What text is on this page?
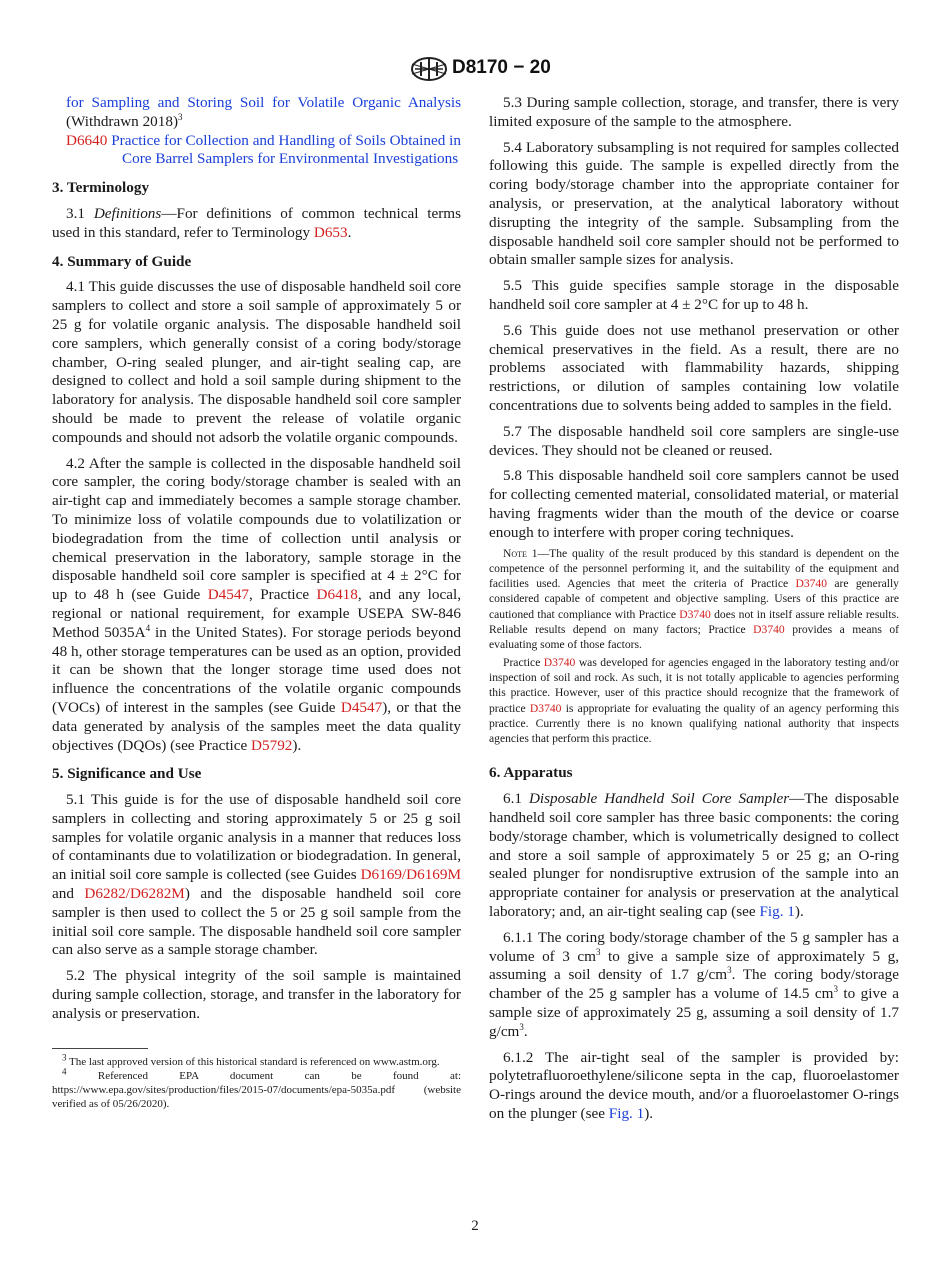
D8170 − 20

for Sampling and Storing Soil for Volatile Organic Analysis (Withdrawn 2018)$^3$

D6640 Practice for Collection and Handling of Soils Obtained in Core Barrel Samplers for Environmental Investigations

3. Terminology

3.1 Definitions—For definitions of common technical terms used in this standard, refer to Terminology D653.

4. Summary of Guide

4.1 This guide discusses the use of disposable handheld soil core samplers to collect and store a soil sample of approximately 5 or 25 g for volatile organic analysis. The disposable handheld soil core samplers, which generally consist of a coring body/storage chamber, O-ring sealed plunger, and air-tight sealing cap, are designed to collect and hold a soil sample during shipment to the laboratory for analysis. The disposable handheld soil core sampler should be made to prevent the release of volatile organic compounds and should not adsorb the volatile organic compounds.

4.2 After the sample is collected in the disposable handheld soil core sampler, the coring body/storage chamber is sealed with an air-tight cap and immediately becomes a sample storage chamber. To minimize loss of volatile compounds due to volatilization or biodegradation from the time of collection until analysis or chemical preservation in the laboratory, sample storage in the disposable handheld soil core sampler is specified at 4 ± 2°C for up to 48 h (see Guide D4547, Practice D6418, and any local, regional or national requirement, for example USEPA SW-846 Method $5035A^4$ in the United States). For storage periods beyond 48 h, other storage temperatures can be used as an option, provided it can be shown that the longer storage time used does not influence the concentrations of the volatile organic compounds (VOCs) of interest in the samples (see Guide D4547), or that the data generated by analysis of the samples meet the data quality objectives (DQOs) (see Practice D5792).

5. Significance and Use

5.1 This guide is for the use of disposable handheld soil core samplers in collecting and storing approximately 5 or 25 g soil samples for volatile organic analysis in a manner that reduces loss of contaminants due to volatilization or biodegradation. In general, an initial soil core sample is collected (see Guides D6169/D6169M and D6282/D6282M) and the disposable handheld soil core sampler is then used to collect the 5 or 25 g soil sample from the initial soil core sample. The disposable handheld soil core sampler can also serve as a sample storage chamber.

5.2 The physical integrity of the soil sample is maintained during sample collection, storage, and transfer in the laboratory for analysis or preservation.

$^3$ The last approved version of this historical standard is referenced on www.astm.org.

$^4$ Referenced EPA document can be found at: https://www.epa.gov/sites/production/files/2015-07/documents/epa-5035a.pdf (website verified as of 05/26/2020).

5.3 During sample collection, storage, and transfer, there is very limited exposure of the sample to the atmosphere.

5.4 Laboratory subsampling is not required for samples collected following this guide. The sample is expelled directly from the coring body/storage chamber into the appropriate container for analysis, or preservation, at the analytical laboratory without disrupting the integrity of the sample. Subsampling from the disposable handheld soil core sampler should not be performed to obtain smaller sample sizes for analysis.

5.5 This guide specifies sample storage in the disposable handheld soil core sampler at 4 ± 2°C for up to 48 h.

5.6 This guide does not use methanol preservation or other chemical preservatives in the field. As a result, there are no problems associated with flammability hazards, shipping restrictions, or dilution of samples containing low volatile concentrations due to solvents being added to samples in the field.

5.7 The disposable handheld soil core samplers are single-use devices. They should not be cleaned or reused.

5.8 This disposable handheld soil core samplers cannot be used for collecting cemented material, consolidated material, or material having fragments wider than the mouth of the device or coarse enough to interfere with proper coring techniques.

Note 1—The quality of the result produced by this standard is dependent on the competence of the personnel performing it, and the suitability of the equipment and facilities used. Agencies that meet the criteria of Practice D3740 are generally considered capable of competent and objective sampling. Users of this practice are cautioned that compliance with Practice D3740 does not in itself assure reliable results. Reliable results depend on many factors; Practice D3740 provides a means of evaluating some of those factors.

Practice D3740 was developed for agencies engaged in the laboratory testing and/or inspection of soil and rock. As such, it is not totally applicable to agencies performing this practice. However, user of this practice should recognize that the framework of practice D3740 is appropriate for evaluating the quality of an agency performing this practice. Currently there is no known qualifying national authority that inspects agencies that perform this practice.

6. Apparatus

6.1 Disposable Handheld Soil Core Sampler—The disposable handheld soil core sampler has three basic components: the coring body/storage chamber, which is volumetrically designed to collect and store a soil sample of approximately 5 or 25 g; an O-ring sealed plunger for nondisruptive extrusion of the sample into an appropriate container for analysis or preservation at the analytical laboratory; and, an air-tight sealing cap (see Fig. 1).

6.1.1 The coring body/storage chamber of the 5 g sampler has a volume of 3 $cm^3$ to give a sample size of approximately 5 g, assuming a soil density of 1.7 $g/cm^3$. The coring body/storage chamber of the 25 g sampler has a volume of 14.5 $cm^3$ to give a sample size of approximately 25 g, assuming a soil density of 1.7 $g/cm^3$.

6.1.2 The air-tight seal of the sampler is provided by: polytetrafluoroethylene/silicone septa in the cap, fluoroelastomer O-rings around the device mouth, and/or a fluoroelastomer O-rings on the plunger (see Fig. 1).

2
